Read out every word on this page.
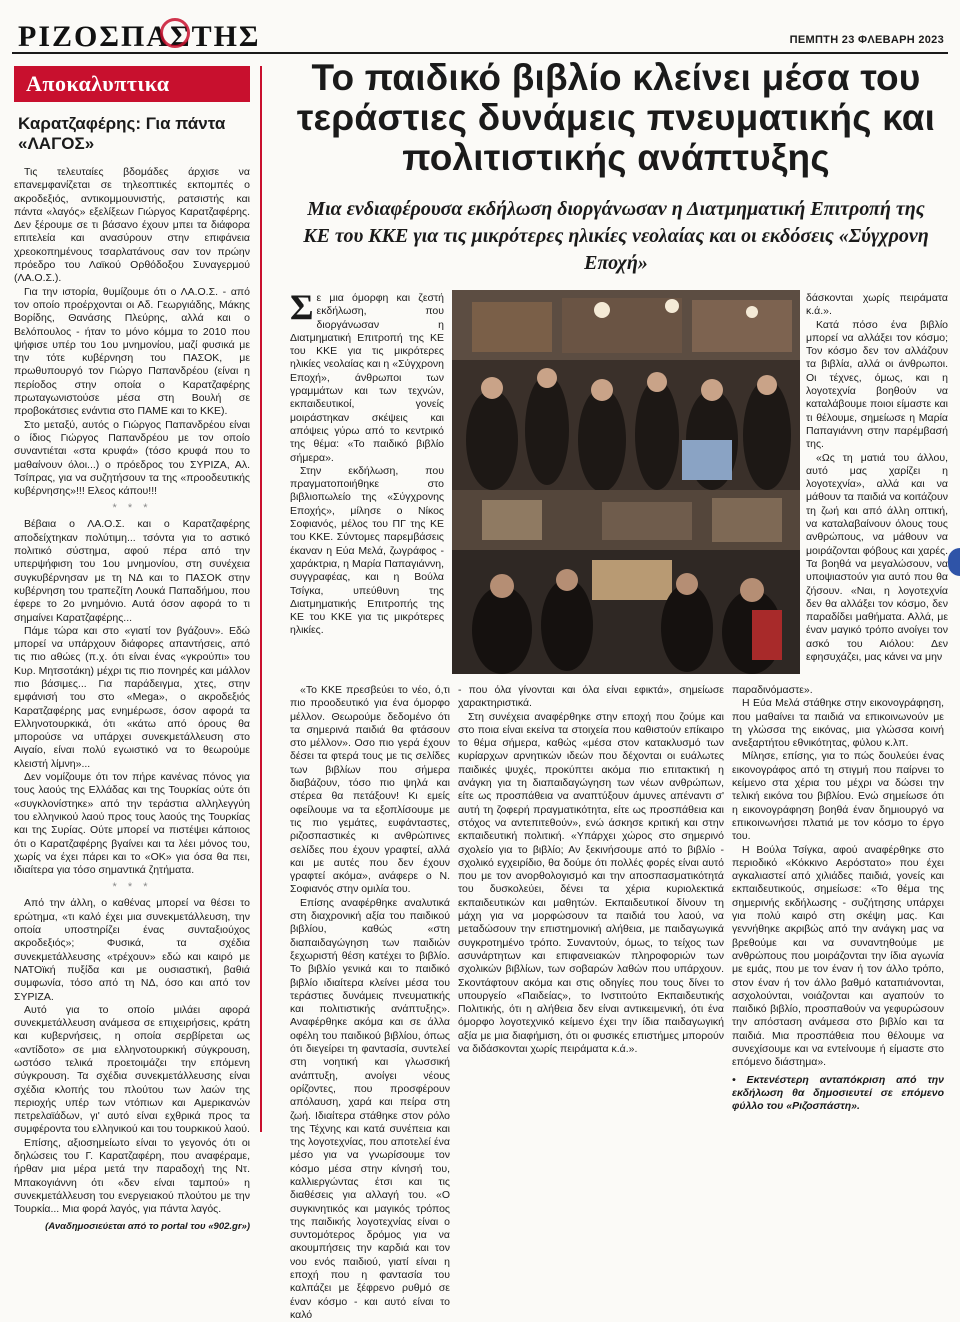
ΡΙΖΟΣΠΑΣΤΗΣ	ΠΕΜΠΤΗ 23 ΦΛΕΒΑΡΗ 2023
Αποκαλυπτικα
Καρατζαφέρης: Για πάντα «ΛΑΓΟΣ»

Τις τελευταίες βδομάδες άρχισε να επανεμφανίζεται σε τηλεοπτικές εκπομπές ο ακροδεξιός, αντικομμουνιστής, ρατσιστής και πάντα «λαγός» εξελίξεων Γιώργος Καρατζαφέρης. Δεν ξέρουμε σε τι βάσανο έχουν μπει τα διάφορα επιτελεία και ανασύρουν στην επιφάνεια χρεοκοπημένους τσαρλατάνους σαν τον πρώην πρόεδρο του Λαϊκού Ορθόδοξου Συναγερμού (ΛΑ.Ο.Σ.).

Για την ιστορία, θυμίζουμε ότι ο ΛΑ.Ο.Σ. - από τον οποίο προέρχονται οι Αδ. Γεωργιάδης, Μάκης Βορίδης, Θανάσης Πλεύρης, αλλά και ο Βελόπουλος - ήταν το μόνο κόμμα το 2010 που ψήφισε υπέρ του 1ου μνημονίου, μαζί φυσικά με την τότε κυβέρνηση του ΠΑΣΟΚ, με πρωθυπουργό τον Γιώργο Παπανδρέου (είναι η περίοδος στην οποία ο Καρατζαφέρης πρωταγωνιστούσε μέσα στη Βουλή σε προβοκάτσιες ενάντια στο ΠΑΜΕ και το ΚΚΕ).

Στο μεταξύ, αυτός ο Γιώργος Παπανδρέου είναι ο ίδιος Γιώργος Παπανδρέου με τον οποίο συναντιέται «στα κρυφά» (τόσο κρυφά που το μαθαίνουν όλοι...) ο πρόεδρος του ΣΥΡΙΖΑ, Αλ. Τσίπρας, για να συζητήσουν τα της «προοδευτικής κυβέρνησης»!!! Ελεος κάπου!!!

* * *

Βέβαια ο ΛΑ.Ο.Σ. και ο Καρατζαφέρης αποδείχτηκαν πολύτιμη... τσόντα για το αστικό πολιτικό σύστημα, αφού πέρα από την υπερψήφιση του 1ου μνημονίου, στη συνέχεια συγκυβέρνησαν με τη ΝΔ και το ΠΑΣΟΚ στην κυβέρνηση του τραπεζίτη Λουκά Παπαδήμου, που έφερε το 2ο μνημόνιο. Αυτά όσον αφορά το τι σημαίνει Καρατζαφέρης...

Πάμε τώρα και στο «γιατί τον βγάζουν». Εδώ μπορεί να υπάρχουν διάφορες απαντήσεις, από τις πιο αθώες (π.χ. ότι είναι ένας «γκρούπι» του Κυρ. Μητσοτάκη) μέχρι τις πιο πονηρές και μάλλον πιο βάσιμες... Για παράδειγμα, χτες, στην εμφάνισή του στο «Mega», ο ακροδεξιός Καρατζαφέρης μας ενημέρωσε, όσον αφορά τα Ελληνοτουρκικά, ότι «κάτω από όρους θα μπορούσε να υπάρχει συνεκμετάλλευση στο Αιγαίο, είναι πολύ εγωιστικό να το θεωρούμε κλειστή λίμνη»...

Δεν νομίζουμε ότι τον πήρε κανένας πόνος για τους λαούς της Ελλάδας και της Τουρκίας ούτε ότι «συγκλονίστηκε» από την τεράστια αλληλεγγύη του ελληνικού λαού προς τους λαούς της Τουρκίας και της Συρίας. Ούτε μπορεί να πιστέψει κάποιος ότι ο Καρατζαφέρης βγαίνει και τα λέει μόνος του, χωρίς να έχει πάρει και το «ΟΚ» για όσα θα πει, ιδιαίτερα για τόσο σημαντικά ζητήματα.

* * *

Από την άλλη, ο καθένας μπορεί να θέσει το ερώτημα, «τι καλό έχει μια συνεκμετάλλευση, την οποία υποστηρίζει ένας συνταξιούχος ακροδεξιός»; Φυσικά, τα σχέδια συνεκμετάλλευσης «τρέχουν» εδώ και καιρό με ΝΑΤΟϊκή πυξίδα και με ουσιαστική, βαθιά συμφωνία, τόσο από τη ΝΔ, όσο και από τον ΣΥΡΙΖΑ.

Αυτό για το οποίο μιλάει αφορά συνεκμετάλλευση ανάμεσα σε επιχειρήσεις, κράτη και κυβερνήσεις, η οποία σερβίρεται ως «αντίδοτο» σε μια ελληνοτουρκική σύγκρουση, ωστόσο τελικά προετοιμάζει την επόμενη σύγκρουση. Τα σχέδια συνεκμετάλλευσης είναι σχέδια κλοπής του πλούτου των λαών της περιοχής υπέρ των ντόπιων και Αμερικανών πετρελαϊάδων, γι' αυτό είναι εχθρικά προς τα συμφέροντα του ελληνικού και του τουρκικού λαού.

Επίσης, αξιοσημείωτο είναι το γεγονός ότι οι δηλώσεις του Γ. Καρατζαφέρη, που αναφέραμε, ήρθαν μια μέρα μετά την παραδοχή της Ντ. Μπακογιάννη ότι «δεν είναι ταμπού» η συνεκμετάλλευση του ενεργειακού πλούτου με την Τουρκία... Μια φορά λαγός, για πάντα λαγός.

(Αναδημοσιεύεται από το portal του «902.gr»)
Το παιδικό βιβλίο κλείνει μέσα του τεράστιες δυνάμεις πνευματικής και πολιτιστικής ανάπτυξης
Μια ενδιαφέρουσα εκδήλωση διοργάνωσαν η Διατμηματική Επιτροπή της ΚΕ του ΚΚΕ για τις μικρότερες ηλικίες νεολαίας και οι εκδόσεις «Σύγχρονη Εποχή»

Σε μια όμορφη και ζεστή εκδήλωση, που διοργάνωσαν η Διατμηματική Επιτροπή της ΚΕ του ΚΚΕ για τις μικρότερες ηλικίες νεολαίας και η «Σύγχρονη Εποχή», άνθρωποι των γραμμάτων και των τεχνών, εκπαιδευτικοί, γονείς μοιράστηκαν σκέψεις και απόψεις γύρω από το κεντρικό της θέμα: «Το παιδικό βιβλίο σήμερα».

Στην εκδήλωση, που πραγματοποιήθηκε στο βιβλιοπωλείο της «Σύγχρονης Εποχής», μίλησε ο Νίκος Σοφιανός, μέλος του ΠΓ της ΚΕ του ΚΚΕ. Σύντομες παρεμβάσεις έκαναν η Εύα Μελά, ζωγράφος - χαράκτρια, η Μαρία Παπαγιάννη, συγγραφέας, και η Βούλα Τσίγκα, υπεύθυνη της Διατμηματικής Επιτροπής της ΚΕ του ΚΚΕ για τις μικρότερες ηλικίες.

«Το ΚΚΕ πρεσβεύει το νέο, ό,τι πιο προοδευτικό για ένα όμορφο μέλλον. Θεωρούμε δεδομένο ότι τα σημερινά παιδιά θα φτάσουν στο μέλλον». Οσο πιο γερά έχουν δέσει τα φτερά τους με τις σελίδες των βιβλίων που σήμερα διαβάζουν, τόσο πιο ψηλά και στέρεα θα πετάξουν! Κι εμείς οφείλουμε να τα εξοπλίσουμε με τις πιο γεμάτες, ευφάνταστες, ριζοσπαστικές κι ανθρώπινες σελίδες που έχουν γραφτεί, αλλά και με αυτές που δεν έχουν γραφτεί ακόμα», ανάφερε ο Ν. Σοφιανός στην ομιλία του.

Επίσης αναφέρθηκε αναλυτικά στη διαχρονική αξία του παιδικού βιβλίου, καθώς «στη διαπαιδαγώγηση των παιδιών ξεχωριστή θέση κατέχει το βιβλίο. Το βιβλίο γενικά και το παιδικό βιβλίο ιδιαίτερα κλείνει μέσα του τεράστιες δυνάμεις πνευματικής και πολιτιστικής ανάπτυξης». Αναφέρθηκε ακόμα και σε άλλα οφέλη του παιδικού βιβλίου, όπως ότι διεγείρει τη φαντασία, συντελεί στη νοητική και γλωσσική ανάπτυξη, ανοίγει νέους ορίζοντες, που προσφέρουν απόλαυση, χαρά και πείρα στη ζωή. Ιδιαίτερα στάθηκε στον ρόλο της Τέχνης και κατά συνέπεια και της λογοτεχνίας, που αποτελεί ένα μέσο για να γνωρίσουμε τον κόσμο μέσα στην κίνησή του, καλλιεργώντας έτσι και τις διαθέσεις για αλλαγή του. «Ο συγκινητικός και μαγικός τρόπος της παιδικής λογοτεχνίας είναι ο συντομότερος δρόμος για να ακουμπήσεις την καρδιά και τον νου ενός παιδιού, γιατί είναι η εποχή που η φαντασία του καλπάζει με ξέφρενο ρυθμό σε έναν κόσμο - και αυτό είναι το καλό

- που όλα γίνονται και όλα είναι εφικτά», σημείωσε χαρακτηριστικά.

Στη συνέχεια αναφέρθηκε στην εποχή που ζούμε και στο ποια είναι εκείνα τα στοιχεία που καθιστούν επίκαιρο το θέμα σήμερα, καθώς «μέσα στον κατακλυσμό των κυρίαρχων αρνητικών ιδεών που δέχονται οι ευάλωτες παιδικές ψυχές, προκύπτει ακόμα πιο επιτακτική η ανάγκη για τη διαπαιδαγώγηση των νέων ανθρώπων, είτε ως προσπάθεια να αναπτύξουν άμυνες απέναντι σ' αυτή τη ζοφερή πραγματικότητα, είτε ως προσπάθεια και στόχος να αντεπιτεθούν», ενώ άσκησε κριτική και στην εκπαιδευτική πολιτική. «Υπάρχει χώρος στο σημερινό σχολείο για το βιβλίο; Αν ξεκινήσουμε από το βιβλίο - σχολικό εγχειρίδιο, θα δούμε ότι πολλές φορές είναι αυτό που με τον ανορθολογισμό και την αποσπασματικότητά του δυσκολεύει, δένει τα χέρια κυριολεκτικά εκπαιδευτικών και μαθητών. Εκπαιδευτικοί δίνουν τη μάχη για να μορφώσουν τα παιδιά του λαού, να μεταδώσουν την επιστημονική αλήθεια, με παιδαγωγικά συγκροτημένο τρόπο. Συναντούν, όμως, το τείχος των ασυνάρτητων και επιφανειακών πληροφοριών των σχολικών βιβλίων, των σοβαρών λαθών που υπάρχουν. Σκοντάφτουν ακόμα και στις οδηγίες που τους δίνει το υπουργείο «Παιδείας», το Ινστιτούτο Εκπαιδευτικής Πολιτικής, ότι η αλήθεια δεν είναι αντικειμενική, ότι ένα όμορφο λογοτεχνικό κείμενο έχει την ίδια παιδαγωγική αξία με μια διαφήμιση, ότι οι φυσικές επιστήμες μπορούν να διδάσκονται χωρίς πειράματα κ.ά.».

δάσκονται χωρίς πειράματα κ.ά.».

Κατά πόσο ένα βιβλίο μπορεί να αλλάξει τον κόσμο; Τον κόσμο δεν τον αλλάζουν τα βιβλία, αλλά οι άνθρωποι. Οι τέχνες, όμως, και η λογοτεχνία βοηθούν να καταλάβουμε ποιοι είμαστε και τι θέλουμε, σημείωσε η Μαρία Παπαγιάννη στην παρέμβασή της.

«Ως τη ματιά του άλλου, αυτό μας χαρίζει η λογοτεχνία», αλλά και να μάθουν τα παιδιά να κοιτάζουν τη ζωή και από άλλη οπτική, να καταλαβαίνουν όλους τους ανθρώπους, να μάθουν να μοιράζονται φόβους και χαρές. Τα βοηθά να μεγαλώσουν, να υποψιαστούν για αυτό που θα ζήσουν. «Ναι, η λογοτεχνία δεν θα αλλάξει τον κόσμο, δεν παραδίδει μαθήματα. Αλλά, με έναν μαγικό τρόπο ανοίγει τον ασκό του Αιόλου: Δεν εφησυχάζει, μας κάνει να μην

παραδινόμαστε».

Η Εύα Μελά στάθηκε στην εικονογράφηση, που μαθαίνει τα παιδιά να επικοινωνούν με τη γλώσσα της εικόνας, μια γλώσσα κοινή ανεξαρτήτου εθνικότητας, φύλου κ.λπ.

Μίλησε, επίσης, για το πώς δουλεύει ένας εικονογράφος από τη στιγμή που παίρνει το κείμενο στα χέρια του μέχρι να δώσει την τελική εικόνα του βιβλίου. Ενώ σημείωσε ότι η εικονογράφηση βοηθά έναν δημιουργό να επικοινωνήσει πλατιά με τον κόσμο το έργο του.

Η Βούλα Τσίγκα, αφού αναφέρθηκε στο περιοδικό «Κόκκινο Αερόστατο» που έχει αγκαλιαστεί από χιλιάδες παιδιά, γονείς και εκπαιδευτικούς, σημείωσε: «Το θέμα της σημερινής εκδήλωσης - συζήτησης υπάρχει για πολύ καιρό στη σκέψη μας. Και γεννήθηκε ακριβώς από την ανάγκη μας να βρεθούμε και να συναντηθούμε με ανθρώπους που μοιράζονται την ίδια αγωνία με εμάς, που με τον έναν ή τον άλλο τρόπο, στον έναν ή τον άλλο βαθμό καταπιάνονται, ασχολούνται, νοιάζονται και αγαπούν το παιδικό βιβλίο, προσπαθούν να γεφυρώσουν την απόσταση ανάμεσα στο βιβλίο και τα παιδιά. Μια προσπάθεια που θέλουμε να συνεχίσουμε και να εντείνουμε ή είμαστε στο επόμενο διάστημα».

• Εκτενέστερη ανταπόκριση από την εκδήλωση θα δημοσιευτεί σε επόμενο φύλλο του «Ριζοσπάστη».
